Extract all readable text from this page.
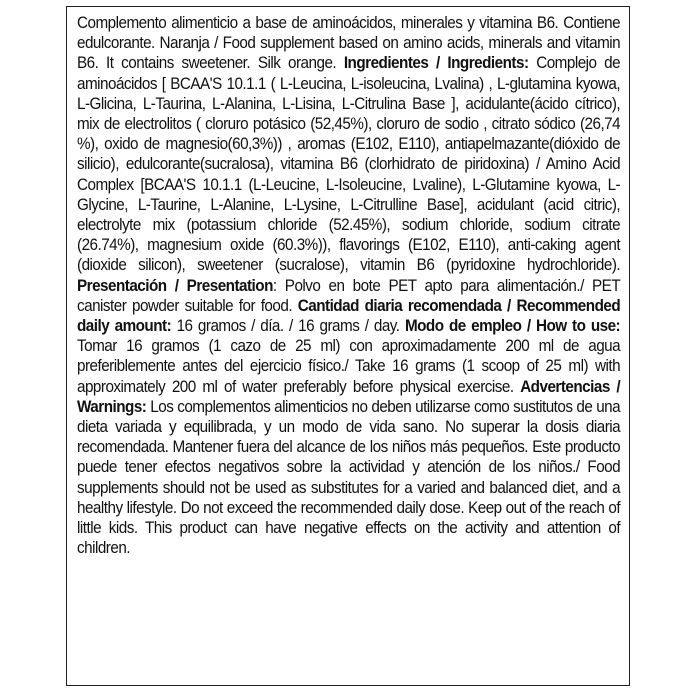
Complemento alimenticio a base de aminoácidos, minerales y vitamina B6. Contiene edulcorante. Naranja / Food supplement based on amino acids, minerals and vitamin B6. It contains sweetener. Silk orange. Ingredientes / Ingredients: Complejo de aminoácidos [ BCAA'S 10.1.1 ( L-Leucina, L-isoleucina, Lvalina) , L-glutamina kyowa, L-Glicina, L-Taurina, L-Alanina, L-Lisina, L-Citrulina Base ], acidulante(ácido cítrico), mix de electrolitos ( cloruro potásico (52,45%), cloruro de sodio , citrato sódico (26,74 %), oxido de magnesio(60,3%)) , aromas (E102, E110), antiapelmazante(dióxido de silicio), edulcorante(sucralosa), vitamina B6 (clorhidrato de piridoxina) / Amino Acid Complex [BCAA'S 10.1.1 (L-Leucine, L-Isoleucine, Lvaline), L-Glutamine kyowa, L-Glycine, L-Taurine, L-Alanine, L-Lysine, L-Citrulline Base], acidulant (acid citric), electrolyte mix (potassium chloride (52.45%), sodium chloride, sodium citrate (26.74%), magnesium oxide (60.3%)), flavorings (E102, E110), anti-caking agent (dioxide silicon), sweetener (sucralose), vitamin B6 (pyridoxine hydrochloride). Presentación / Presentation: Polvo en bote PET apto para alimentación./ PET canister powder suitable for food. Cantidad diaria recomendada / Recommended daily amount: 16 gramos / día. / 16 grams / day. Modo de empleo / How to use: Tomar 16 gramos (1 cazo de 25 ml) con aproximadamente 200 ml de agua preferiblemente antes del ejercicio físico./ Take 16 grams (1 scoop of 25 ml) with approximately 200 ml of water preferably before physical exercise. Advertencias / Warnings: Los complementos alimenticios no deben utilizarse como sustitutos de una dieta variada y equilibrada, y un modo de vida sano. No superar la dosis diaria recomendada. Mantener fuera del alcance de los niños más pequeños. Este producto puede tener efectos negativos sobre la actividad y atención de los niños./ Food supplements should not be used as substitutes for a varied and balanced diet, and a healthy lifestyle. Do not exceed the recommended daily dose. Keep out of the reach of little kids. This product can have negative effects on the activity and attention of children.
